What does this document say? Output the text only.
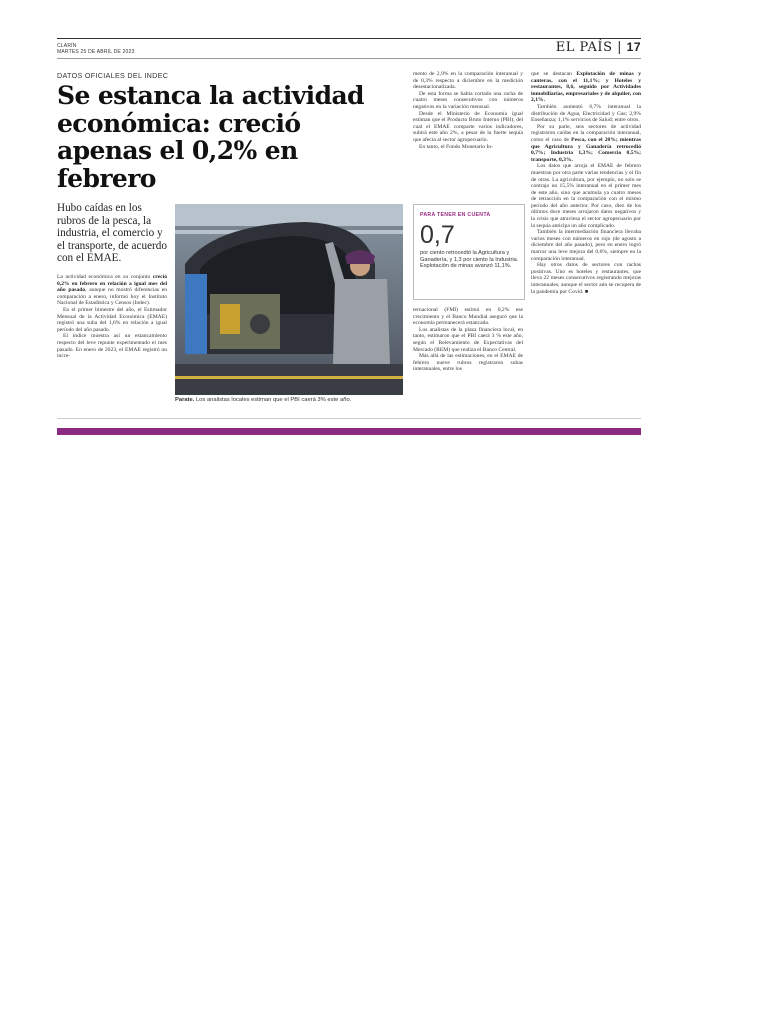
CLARÍN
MARTES 25 DE ABRIL DE 2023	EL PAÍS | 17
DATOS OFICIALES DEL INDEC
Se estanca la actividad económica: creció apenas el 0,2% en febrero

Hubo caídas en los rubros de la pesca, la industria, el comercio y el transporte, de acuerdo con el EMAE.

La actividad económica en su conjunto creció 0,2% en febrero en relación a igual mes del año pasado, aunque no mostró diferencias en comparación a enero, informó hoy el Instituto Nacional de Estadística y Censos (Indec).

En el primer bimestre del año, el Estimador Mensual de la Actividad Económica (EMAE) registró una suba del 1,6% en relación a igual período del año pasado.

El índice muestra así un estancamiento respecto del leve repunte experimentado el mes pasado. En enero de 2023, el EMAE registró un incre-

Parate. Los analistas locales estiman que el PBI caerá 3% este año.

mento de 2,9% en la comparación interanual y de 0,3% respecto a diciembre en la medición desestacionalizada.

De esta forma se había cortado una racha de cuatro meses consecutivos con números negativos en la variación mensual.

Desde el Ministerio de Economía igual estiman que el Producto Bruto Interno (PBI), del cual el EMAE comparte varios indicadores, subirá este año 2%, a pesar de la fuerte sequía que afecta al sector agropecuario.

En tanto, el Fondo Monetario In-

PARA TENER EN CUENTA
0,7
por ciento retrocedió la Agricultura y Ganadería, y 1,3 por ciento la Industria. Explotación de minas avanzó 11,1%.

ternacional (FMI) estimó en 0,2% ese crecimiento y el Banco Mundial aseguró que la economía permanecerá estancada.

Los analistas de la plaza financiera local, en tanto, estimaron que el PBI caerá 3 % este año, según el Relevamiento de Expectativas del Mercado (REM) que realiza el Banco Central.

Más allá de las estimaciones, en el EMAE de febrero nueve rubros registraron subas interanuales, entre los

que se destacan Explotación de minas y canteras, con el 11,1%; y Hoteles y restaurantes, 8,6, seguido por Actividades inmobiliarias, empresariales y de alquiler, con 2,1%.

También aumentó 6,7% interanual la distribución de Agua, Electricidad y Gas; 2,9% Enseñanza; 1,1% servicios de Salud; entre otros.

Por su parte, seis sectores de actividad registraron caídas en la comparación interanual, como el caso de Pesca, con el 20%; mientras que Agricultura y Ganadería retrocedió 0,7%; Industria 1,3%; Comercio 0,5%; transporte, 0,3%.

Los datos que arroja el EMAE de febrero muestran por otra parte varias tendencias y el fin de otras. La agricultura, por ejemplo, no solo se contrajo un 15,5% interanual en el primer mes de este año, sino que acumula ya cuatro meses de retracción en la comparación con el mismo período del año anterior. Por caso, diez de los últimos doce meses arrojaron datos negativos y la crisis que atraviesa el sector agropecuario por la sequía anticipa un año complicado.

También la intermediación financiera llevaba varios meses con números en rojo (de agosto a diciembre del año pasado), pero en enero logró marcar una leve mejora del 0,6%, siempre en la comparación interanual.

Hay otros datos de sectores con rachas positivas. Uno es hoteles y restaurantes, que lleva 22 meses consecutivos registrando mejoras interanuales, aunque el sector aún se recupera de la pandemia por Covid. ■
